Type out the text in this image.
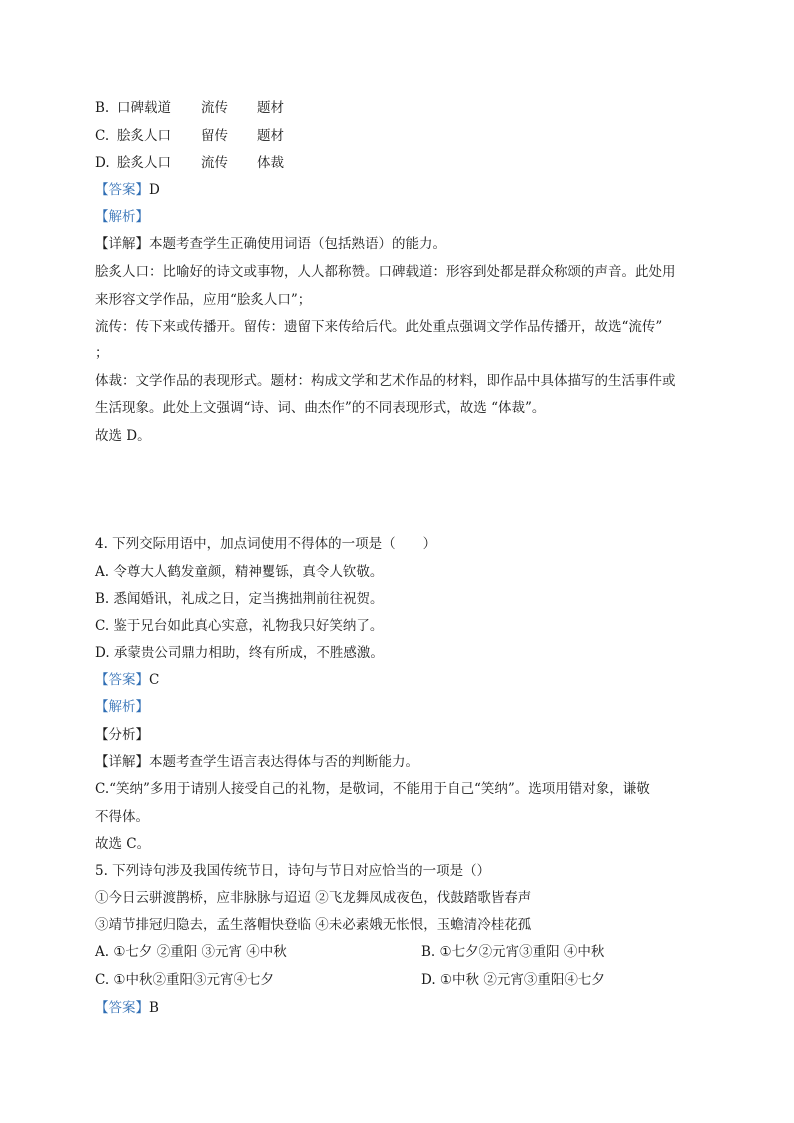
B. 口碑载道 流传 题材
C. 脍炙人口 留传 题材
D. 脍炙人口 流传 体裁
【答案】D
【解析】
【详解】本题考查学生正确使用词语（包括熟语）的能力。
脍炙人口：比喻好的诗文或事物，人人都称赞。口碑载道：形容到处都是群众称颂的声音。此处用
来形容文学作品，应用“脍炙人口”；
流传：传下来或传播开。留传：遗留下来传给后代。此处重点强调文学作品传播开，故选“流传”
；
体裁：文学作品的表现形式。题材：构成文学和艺术作品的材料，即作品中具体描写的生活事件或
生活现象。此处上文强调“诗、词、曲杰作”的不同表现形式，故选 “体裁”。
故选 D。
4. 下列交际用语中，加点词使用不得体的一项是（　　）
A. 令尊大人鹤发童颜，精神矍铄，真令人钦敬。
B. 悉闻婚讯，礼成之日，定当携拙荆前往祝贺。
C. 鉴于兄台如此真心实意，礼物我只好笑纳了。
D. 承蒙贵公司鼎力相助，终有所成，不胜感激。
【答案】C
【解析】
【分析】
【详解】本题考查学生语言表达得体与否的判断能力。
C.“笑纳”多用于请别人接受自己的礼物，是敬词，不能用于自己“笑纳”。选项用错对象，谦敬
不得体。
故选 C。
5. 下列诗句涉及我国传统节日，诗句与节日对应恰当的一项是（）
①今日云骈渡鹊桥，应非脉脉与迢迢 ②飞龙舞凤成夜色，伐鼓踏歌皆春声
③靖节排冠归隐去，孟生落帽快登临 ④未必素娥无怅恨，玉蟾清冷桂花孤
A. ①七夕 ②重阳 ③元宵 ④中秋	B. ①七夕②元宵③重阳 ④中秋
C. ①中秋②重阳③元宵④七夕	D. ①中秋 ②元宵③重阳④七夕
【答案】B
